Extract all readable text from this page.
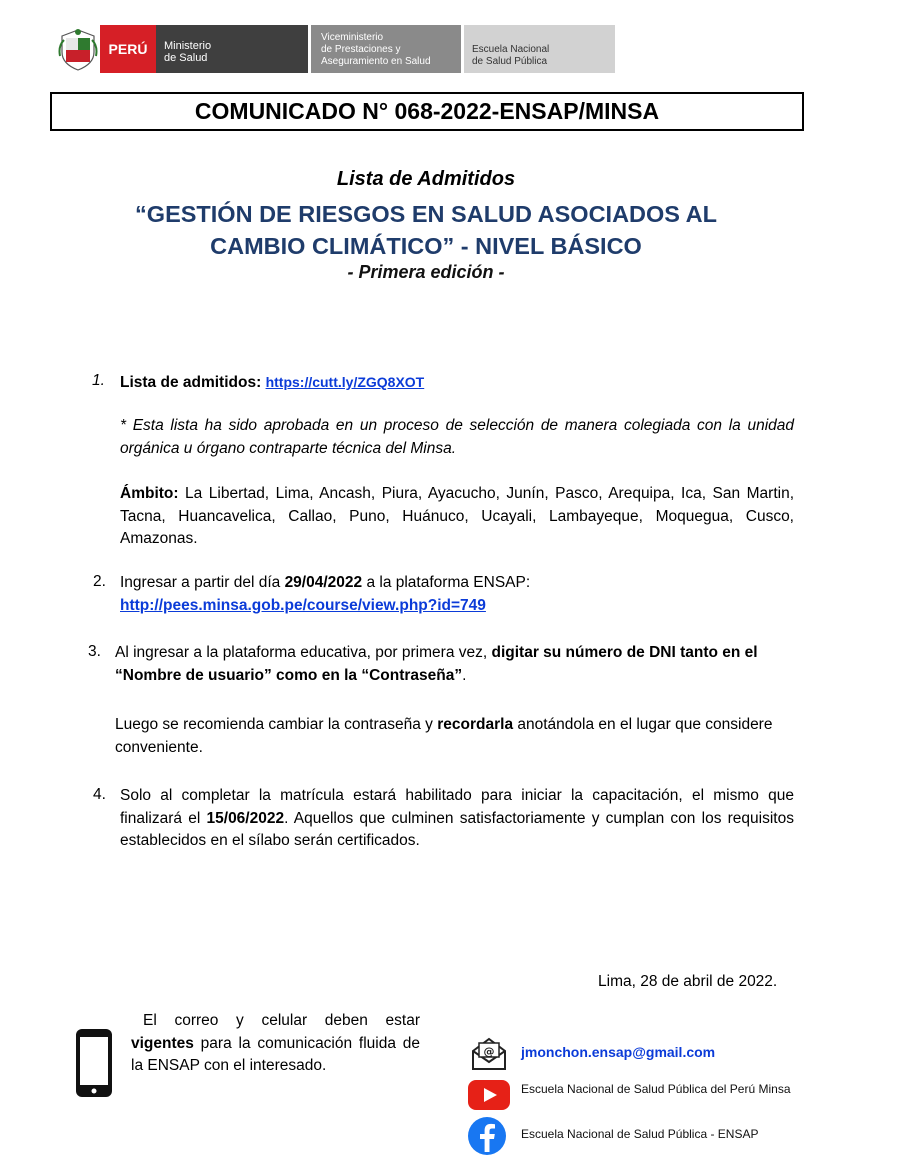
PERÚ Ministerio
de Salud
Viceministerio
de Prestaciones y
Aseguramiento en Salud
Escuela Nacional
de Salud Pública
COMUNICADO N° 068-2022-ENSAP/MINSA
Lista de Admitidos
“GESTIÓN DE RIESGOS EN SALUD ASOCIADOS AL
CAMBIO CLIMÁTICO” - NIVEL BÁSICO
- Primera edición -
1. Lista de admitidos: https://cutt.ly/ZGQ8XOT
* Esta lista ha sido aprobada en un proceso de selección de manera colegiada con la unidad orgánica u órgano contraparte técnica del Minsa.
Ámbito: La Libertad, Lima, Ancash, Piura, Ayacucho, Junín, Pasco, Arequipa, Ica, San Martin, Tacna, Huancavelica, Callao, Puno, Huánuco, Ucayali, Lambayeque, Moquegua, Cusco, Amazonas.
2. Ingresar a partir del día 29/04/2022 a la plataforma ENSAP:
http://pees.minsa.gob.pe/course/view.php?id=749
3. Al ingresar a la plataforma educativa, por primera vez, digitar su número de DNI tanto en el “Nombre de usuario” como en la “Contraseña”.
Luego se recomienda cambiar la contraseña y recordarla anotándola en el lugar que considere conveniente.
4. Solo al completar la matrícula estará habilitado para iniciar la capacitación, el mismo que finalizará el 15/06/2022. Aquellos que culminen satisfactoriamente y cumplan con los requisitos establecidos en el sílabo serán certificados.
Lima, 28 de abril de 2022.
El correo y celular deben estar vigentes para la comunicación fluida de la ENSAP con el interesado.
@ jmonchon.ensap@gmail.com
Escuela Nacional de Salud Pública del Perú Minsa
Escuela Nacional de Salud Pública - ENSAP
